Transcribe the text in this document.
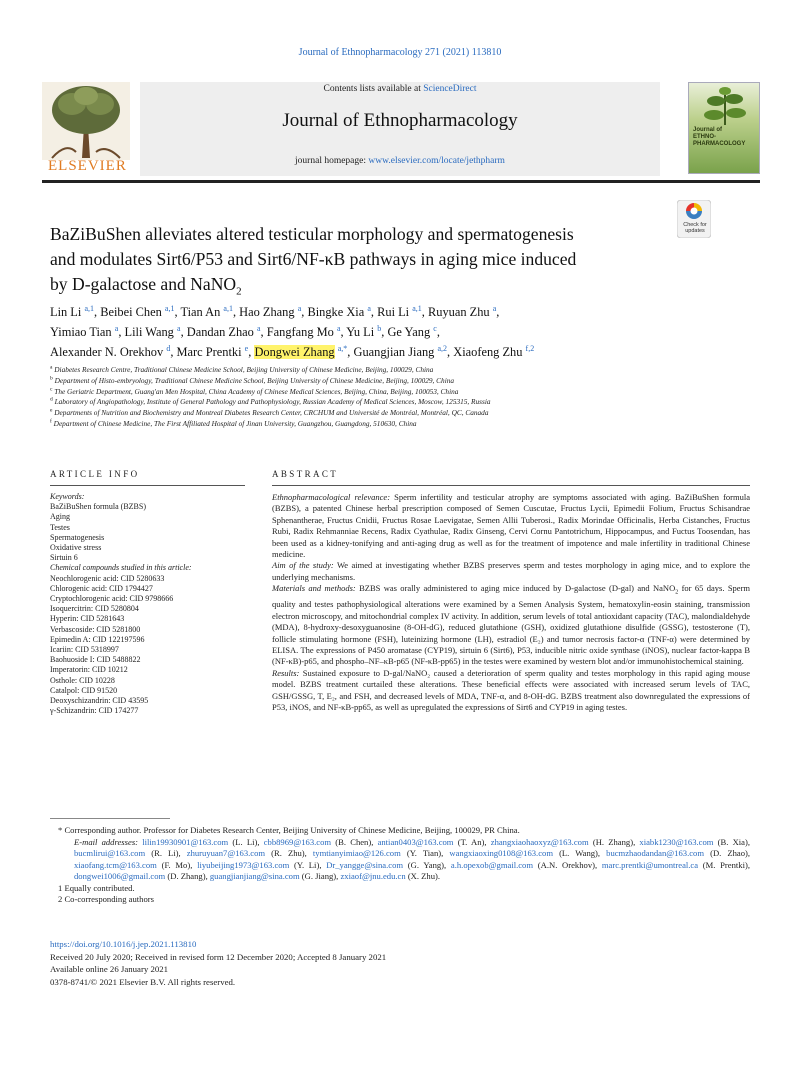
Journal of Ethnopharmacology 271 (2021) 113810
ELSEVIER
Contents lists available at ScienceDirect
Journal of Ethnopharmacology
journal homepage: www.elsevier.com/locate/jethpharm
Journal of
ETHNO-
PHARMACOLOGY
BaZiBuShen alleviates altered testicular morphology and spermatogenesis
and modulates Sirt6/P53 and Sirt6/NF-κB pathways in aging mice induced
by D-galactose and NaNO$_2$
Check for updates
Lin Li $^{a,1}$, Beibei Chen $^{a,1}$, Tian An $^{a,1}$, Hao Zhang $^a$, Bingke Xia $^a$, Rui Li $^{a,1}$, Ruyuan Zhu $^a$,
Yimiao Tian $^a$, Lili Wang $^a$, Dandan Zhao $^a$, Fangfang Mo $^a$, Yu Li $^b$, Ge Yang $^c$,
Alexander N. Orekhov $^d$, Marc Prentki $^e$, Dongwei Zhang $^{a,*}$, Guangjian Jiang $^{a,2}$, Xiaofeng Zhu $^{f,2}$
$^a$ Diabetes Research Centre, Traditional Chinese Medicine School, Beijing University of Chinese Medicine, Beijing, 100029, China
$^b$ Department of Histo-embryology, Traditional Chinese Medicine School, Beijing University of Chinese Medicine, Beijing, 100029, China
$^c$ The Geriatric Department, Guang'an Men Hospital, China Academy of Chinese Medical Sciences, Beijing, China, Beijing, 100053, China
$^d$ Laboratory of Angiopathology, Institute of General Pathology and Pathophysiology, Russian Academy of Medical Sciences, Moscow, 125315, Russia
$^e$ Departments of Nutrition and Biochemistry and Montreal Diabetes Research Center, CRCHUM and Université de Montréal, Montréal, QC, Canada
$^f$ Department of Chinese Medicine, The First Affiliated Hospital of Jinan University, Guangzhou, Guangdong, 510630, China
ARTICLE INFO	ABSTRACT
Keywords:
BaZiBuShen formula (BZBS)
Aging
Testes
Spermatogenesis
Oxidative stress
Sirtuin 6
Chemical compounds studied in this article:
Neochlorogenic acid: CID 5280633
Chlorogenic acid: CID 1794427
Cryptochlorogenic acid: CID 9798666
Isoquercitrin: CID 5280804
Hyperin: CID 5281643
Verbascoside: CID 5281800
Epimedin A: CID 122197596
Icariin: CID 5318997
Baohuoside I: CID 5488822
Imperatorin: CID 10212
Osthole: CID 10228
Catalpol: CID 91520
Deoxyschizandrin: CID 43595
γ-Schizandrin: CID 174277

Ethnopharmacological relevance: Sperm infertility and testicular atrophy are symptoms associated with aging. BaZiBuShen formula (BZBS), a patented Chinese herbal prescription composed of Semen Cuscutae, Fructus Lycii, Epimedii Folium, Fructus Schisandrae Sphenantherae, Fructus Cnidii, Fructus Rosae Laevigatae, Semen Allii Tuberosi., Radix Morindae Officinalis, Herba Cistanches, Fructus Rubi, Radix Rehmanniae Recens, Radix Cyathulae, Radix Ginseng, Cervi Cornu Pantotrichum, Hippocampus, and Fuctus Toosendan, has been used as a kidney-tonifying and anti-aging drug as well as for the treatment of impotence and male infertility in traditional Chinese medicine.

Aim of the study: We aimed at investigating whether BZBS preserves sperm and testes morphology in aging mice, and to explore the underlying mechanisms.

Materials and methods: BZBS was orally administered to aging mice induced by D-galactose (D-gal) and NaNO$_2$ for 65 days. Sperm quality and testes pathophysiological alterations were examined by a Semen Analysis System, hematoxylin-eosin staining, transmission electron microscopy, and mitochondrial complex IV activity. In addition, serum levels of total antioxidant capacity (TAC), malondialdehyde (MDA), 8-hydroxy-desoxyguanosine (8-OH-dG), reduced glutathione (GSH), oxidized glutathione disulfide (GSSG), testosterone (T), follicle stimulating hormone (FSH), luteinizing hormone (LH), estradiol (E₂) and tumor necrosis factor-α (TNF-α) were determined by ELISA. The expressions of P450 aromatase (CYP19), sirtuin 6 (Sirt6), P53, inducible nitric oxide synthase (iNOS), nuclear factor-kappa B (NF-κB)-p65, and phospho–NF–κB-p65 (NF-κB-pp65) in the testes were examined by western blot and/or immunohistochemical staining.

Results: Sustained exposure to D-gal/NaNO₂ caused a deterioration of sperm quality and testes morphology in this rapid aging mouse model. BZBS treatment curtailed these alterations. These beneficial effects were associated with increased serum levels of TAC, GSH/GSSG, T, E₂, and FSH, and decreased levels of MDA, TNF-α, and 8-OH-dG. BZBS treatment also downregulated the expressions of P53, iNOS, and NF-κB-pp65, as well as upregulated the expressions of Sirt6 and CYP19 in aging testes.

* Corresponding author. Professor for Diabetes Research Center, Beijing University of Chinese Medicine, Beijing, 100029, PR China.
E-mail addresses: lilin19930901@163.com (L. Li), cbb8969@163.com (B. Chen), antian0403@163.com (T. An), zhangxiaohaoxyz@163.com (H. Zhang), xiabk1230@163.com (B. Xia), bucmlirui@163.com (R. Li), zhuruyuan7@163.com (R. Zhu), tymtianyimiao@126.com (Y. Tian), wangxiaoxing0108@163.com (L. Wang), bucmzhaodandan@163.com (D. Zhao), xiaofang.tcm@163.com (F. Mo), liyubeijing1973@163.com (Y. Li), Dr_yangge@sina.com (G. Yang), a.h.opexob@gmail.com (A.N. Orekhov), marc.prentki@umontreal.ca (M. Prentki), dongwei1006@gmail.com (D. Zhang), guangjianjiang@sina.com (G. Jiang), zxiaof@jnu.edu.cn (X. Zhu).
1 Equally contributed.
2 Co-corresponding authors
https://doi.org/10.1016/j.jep.2021.113810
Received 20 July 2020; Received in revised form 12 December 2020; Accepted 8 January 2021
Available online 26 January 2021
0378-8741/© 2021 Elsevier B.V. All rights reserved.
